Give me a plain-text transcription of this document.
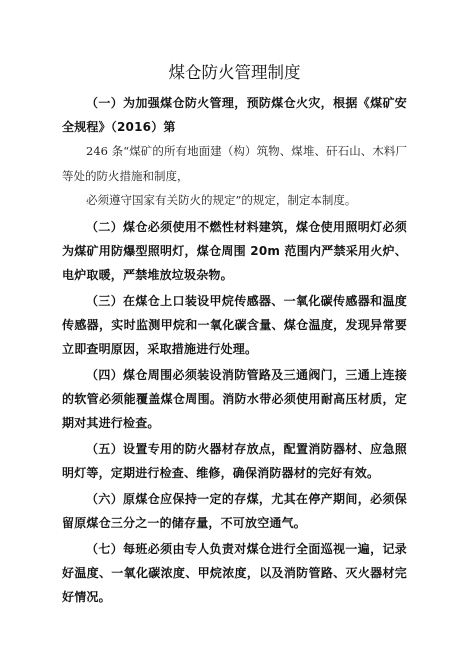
煤仓防火管理制度

（一）为加强煤仓防火管理，预防煤仓火灾，根据《煤矿安全规程》（2016）第

246 条“煤矿的所有地面建（构）筑物、煤堆、矸石山、木料厂等处的防火措施和制度，

必须遵守国家有关防火的规定”的规定，制定本制度。

（二）煤仓必须使用不燃性材料建筑，煤仓使用照明灯必须为煤矿用防爆型照明灯，煤仓周围 20m 范围内严禁采用火炉、电炉取暖，严禁堆放垃圾杂物。

（三）在煤仓上口装设甲烷传感器、一氧化碳传感器和温度传感器，实时监测甲烷和一氧化碳含量、煤仓温度，发现异常要立即查明原因，采取措施进行处理。

（四）煤仓周围必须装设消防管路及三通阀门，三通上连接的软管必须能覆盖煤仓周围。消防水带必须使用耐高压材质，定期对其进行检查。

（五）设置专用的防火器材存放点，配置消防器材、应急照明灯等，定期进行检查、维修，确保消防器材的完好有效。

（六）原煤仓应保持一定的存煤，尤其在停产期间，必须保留原煤仓三分之一的储存量，不可放空通气。

（七）每班必须由专人负责对煤仓进行全面巡视一遍，记录好温度、一氧化碳浓度、甲烷浓度，以及消防管路、灭火器材完好情况。
